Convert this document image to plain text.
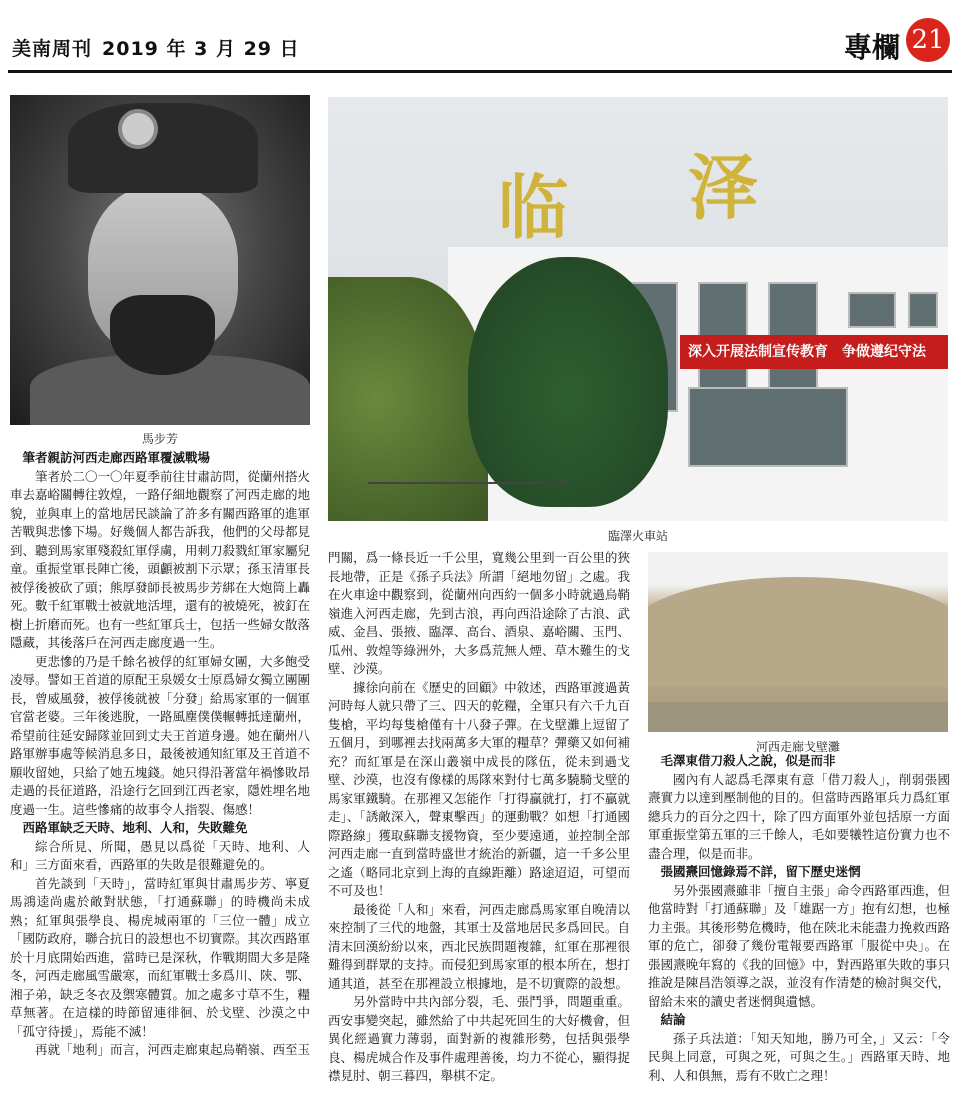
美南周刊 2019 年 3 月 29 日	專欄 21
馬步芳
深入开展法制宣传教育　争做遵纪守法
临 泽
臨澤火車站
河西走廊戈壁灘

筆者親訪河西走廊西路軍覆滅戰場

筆者於二〇一〇年夏季前往甘肅訪問，從蘭州搭火車去嘉峪關轉往敦煌，一路仔細地觀察了河西走廊的地貌，並與車上的當地居民談論了許多有關西路軍的進軍苦戰與悲慘下場。好幾個人都告訴我，他們的父母都見到、聽到馬家軍殘殺紅軍俘虜，用刺刀殺戮紅軍家屬兒童。重振堂軍長陣亡後，頭顱被割下示眾；孫玉清軍長被俘後被砍了頭；熊厚發師長被馬步芳綁在大炮筒上轟死。數千紅軍戰士被就地活埋，還有的被燒死，被釘在樹上折磨而死。也有一些紅軍兵士，包括一些婦女散落隱藏，其後落戶在河西走廊度過一生。

更悲慘的乃是千餘名被俘的紅軍婦女團，大多飽受凌辱。譬如王首道的原配王泉媛女士原爲婦女獨立團團長，曾威風發，被俘後就被「分發」給馬家軍的一個軍官當老婆。三年後逃脫，一路風塵僕僕輾轉抵達蘭州，希望前往延安歸隊並回到丈夫王首道身邊。她在蘭州八路軍辦事處等候消息多日，最後被通知紅軍及王首道不願收留她，只給了她五塊錢。她只得沿著當年禍慘敗昂走過的長征道路，沿途行乞回到江西老家，隱姓埋名地度過一生。這些慘痛的故事令人指裂、傷感！

西路軍缺乏天時、地利、人和，失敗難免

綜合所見、所聞，愚見以爲從「天時、地利、人和」三方面來看，西路軍的失敗是很難避免的。

首先談到「天時」，當時紅軍與甘肅馬步芳、寧夏馬鴻逵尚處於敵對狀態，「打通蘇聯」的時機尚未成熟；紅軍與張學良、楊虎城兩軍的「三位一體」成立「國防政府，聯合抗日的設想也不切實際。其次西路軍於十月底開始西進，當時已是深秋，作戰期間大多是隆冬，河西走廊風雪嚴寒，而紅軍戰士多爲川、陝、鄂、湘子弟，缺乏冬衣及禦寒體質。加之處多寸草不生，糧草無著。在這樣的時節留連徘徊、於戈壁、沙漠之中「孤守待援」，焉能不滅！

再就「地利」而言，河西走廊東起烏鞘嶺、西至玉

門關，爲一條長近一千公里，寬幾公里到一百公里的狹長地帶，正是《孫子兵法》所謂「絕地勿留」之處。我在火車途中觀察到，從蘭州向西約一個多小時就過烏鞘嶺進入河西走廊，先到古浪，再向西沿途除了古浪、武威、金昌、張掖、臨澤、高台、酒泉、嘉峪關、玉門、瓜州、敦煌等綠洲外，大多爲荒無人煙、草木難生的戈壁、沙漠。

據徐向前在《歷史的回顧》中敘述，西路軍渡過黃河時每人就只帶了三、四天的乾糧，全軍只有六千九百隻槍，平均每隻槍僅有十八發子彈。在戈壁灘上逗留了五個月，到哪裡去找兩萬多大軍的糧草？彈藥又如何補充？而紅軍是在深山叢嶺中成長的隊伍，從未到過戈壁、沙漠，也沒有像樣的馬隊來對付七萬多驍騎戈壁的馬家軍鐵騎。在那裡又怎能作「打得贏就打，打不贏就走」、「誘敵深入，聲東擊西」的運動戰？如想「打通國際路線」獲取蘇聯支援物資，至少要遠通，並控制全部河西走廊一直到當時盛世才統治的新疆，這一千多公里之遙（略同北京到上海的直線距離）路途迢迢，可望而不可及也！

最後從「人和」來看，河西走廊爲馬家軍自晚清以來控制了三代的地盤，其軍士及當地居民多爲回民。自清末回漢紛紛以來，西北民族問題複雜，紅軍在那裡很難得到群眾的支持。而侵犯到馬家軍的根本所在，想打通其道，甚至在那裡設立根據地，是不切實際的設想。

另外當時中共內部分裂，毛、張鬥爭，問題重重。西安事變突起，雖然給了中共起死回生的大好機會，但異化經過實力薄弱，面對新的複雜形勢，包括與張學良、楊虎城合作及事件處理善後，均力不從心，顯得捉襟見肘、朝三暮四，舉棋不定。

毛澤東借刀殺人之說，似是而非

國內有人認爲毛澤東有意「借刀殺人」，削弱張國燾實力以達到壓制他的目的。但當時西路軍兵力爲紅軍總兵力的百分之四十，除了四方面軍外並包括原一方面軍重振堂第五軍的三千餘人，毛如要犧牲這份實力也不盡合理，似是而非。

張國燾回憶錄焉不詳，留下歷史迷惘

另外張國燾雖非「擅自主張」命令西路軍西進，但他當時對「打通蘇聯」及「雄踞一方」抱有幻想，也極力主張。其後形勢危機時，他在陝北未能盡力挽救西路軍的危亡，卻發了幾份電報要西路軍「服從中央」。在張國燾晚年寫的《我的回憶》中，對西路軍失敗的事只推說是陳昌浩領導之誤，並沒有作清楚的檢討與交代，留給未來的讀史者迷惘與遺憾。

結論

孫子兵法道：「知天知地，勝乃可全，」又云：「令民與上同意，可與之死，可與之生。」西路軍天時、地利、人和俱無，焉有不敗亡之理！
